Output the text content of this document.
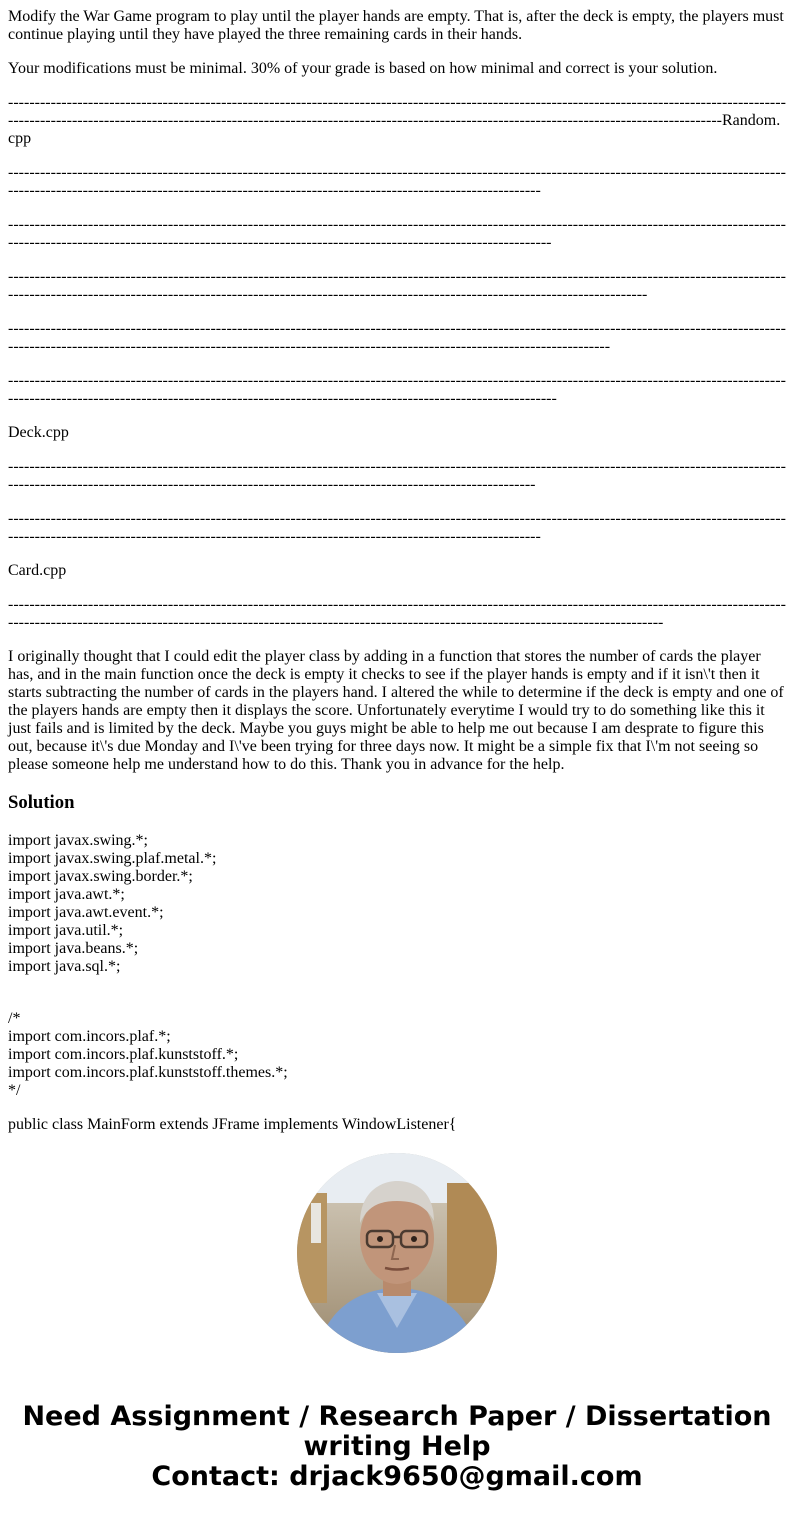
Modify the War Game program to play until the player hands are empty. That is, after the deck is empty, the players must continue playing until they have played the three remaining cards in their hands.

Your modifications must be minimal. 30% of your grade is based on how minimal and correct is your solution.

----------------------------------------------------------------------------------------------------------------------------------------------------------------------------------------------------------------------------------------------------------------------------------------Random.cpp

------------------------------------------------------------------------------------------------------------------------------------------------------------------------------------------------------------------------------------------------------

--------------------------------------------------------------------------------------------------------------------------------------------------------------------------------------------------------------------------------------------------------

--------------------------------------------------------------------------------------------------------------------------------------------------------------------------------------------------------------------------------------------------------------------------

-------------------------------------------------------------------------------------------------------------------------------------------------------------------------------------------------------------------------------------------------------------------

---------------------------------------------------------------------------------------------------------------------------------------------------------------------------------------------------------------------------------------------------------

Deck.cpp

-----------------------------------------------------------------------------------------------------------------------------------------------------------------------------------------------------------------------------------------------------

------------------------------------------------------------------------------------------------------------------------------------------------------------------------------------------------------------------------------------------------------

Card.cpp

-----------------------------------------------------------------------------------------------------------------------------------------------------------------------------------------------------------------------------------------------------------------------------

I originally thought that I could edit the player class by adding in a function that stores the number of cards the player has, and in the main function once the deck is empty it checks to see if the player hands is empty and if it isn\'t then it starts subtracting the number of cards in the players hand. I altered the while to determine if the deck is empty and one of the players hands are empty then it displays the score. Unfortunately everytime I would try to do something like this it just fails and is limited by the deck. Maybe you guys might be able to help me out because I am desprate to figure this out, because it\'s due Monday and I\'ve been trying for three days now. It might be a simple fix that I\'m not seeing so please someone help me understand how to do this. Thank you in advance for the help.

Solution

import javax.swing.*;
import javax.swing.plaf.metal.*;
import javax.swing.border.*;
import java.awt.*;
import java.awt.event.*;
import java.util.*;
import java.beans.*;
import java.sql.*;

/*
import com.incors.plaf.*;
import com.incors.plaf.kunststoff.*;
import com.incors.plaf.kunststoff.themes.*;
*/

public class MainForm extends JFrame implements WindowListener{

Need Assignment / Research Paper / Dissertation
writing Help
Contact: drjack9650@gmail.com
